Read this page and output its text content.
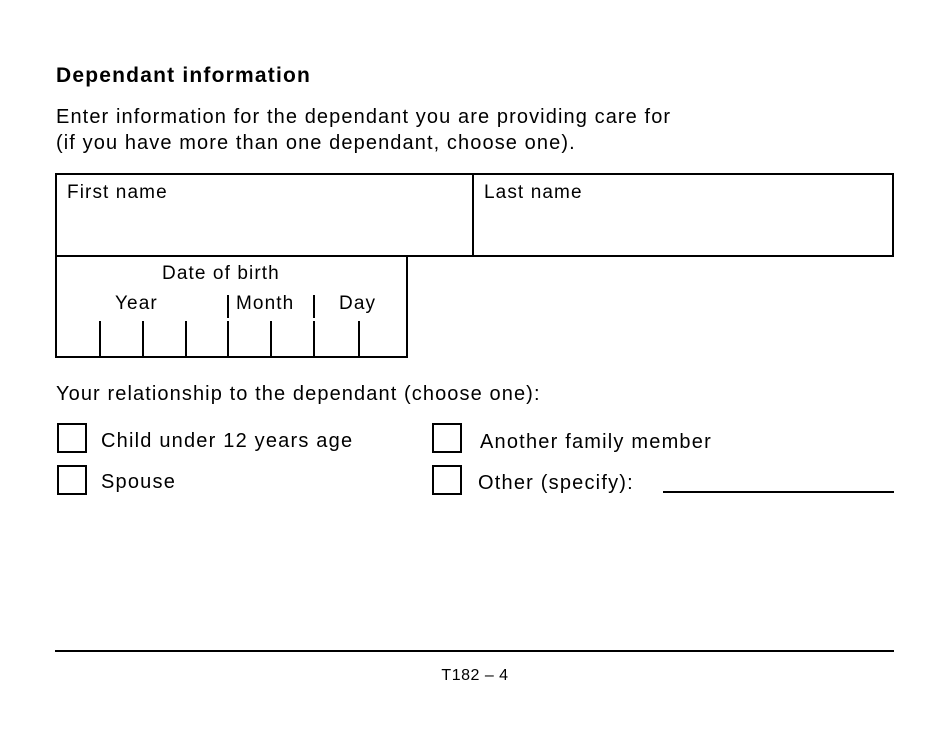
Dependant information
Enter information for the dependant you are providing care for
(if you have more than one dependant, choose one).
First name	Last name
Date of birth
Year	Month Day
Your relationship to the dependant (choose one):
Child under 12 years age
Spouse
Another family member
Other (specify):
T182 – 4
